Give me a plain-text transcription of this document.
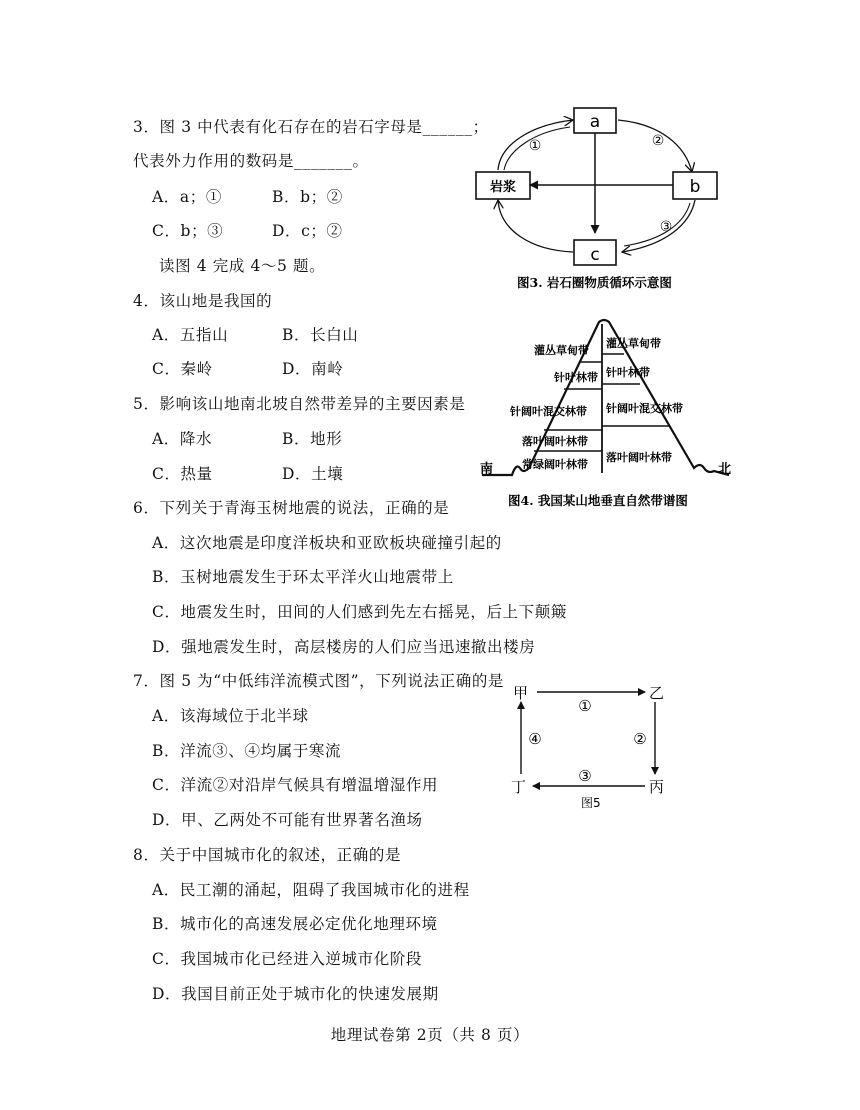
3．图 3 中代表有化石存在的岩石字母是______；
代表外力作用的数码是_______。
A．a；①	B．b；②
C．b；③	D．c；②
读图 4 完成 4～5 题。
4．该山地是我国的
A．五指山	B．长白山
C．秦岭	D．南岭
5．影响该山地南北坡自然带差异的主要因素是
A．降水	B．地形
C．热量	D．土壤
6．下列关于青海玉树地震的说法，正确的是
A．这次地震是印度洋板块和亚欧板块碰撞引起的
B．玉树地震发生于环太平洋火山地震带上
C．地震发生时，田间的人们感到先左右摇晃，后上下颠簸
D．强地震发生时，高层楼房的人们应当迅速撤出楼房
7．图 5 为“中低纬洋流模式图”，下列说法正确的是
A．该海域位于北半球
B．洋流③、④均属于寒流
C．洋流②对沿岸气候具有增温增湿作用
D．甲、乙两处不可能有世界著名渔场
8．关于中国城市化的叙述，正确的是
A．民工潮的涌起，阻碍了我国城市化的进程
B．城市化的高速发展必定优化地理环境
C．我国城市化已经进入逆城市化阶段
D．我国目前正处于城市化的快速发展期
a
岩浆	b
c
①	②
③
图3. 岩石圈物质循环示意图
灌丛草甸带
针叶林带
针阔叶混交林带
落叶阔叶林带
常绿阔叶林带
灌丛草甸带
针叶林带
针阔叶混交林带
落叶阔叶林带
南	北
图4. 我国某山地垂直自然带谱图
甲	乙
丙
丁
①
②
③
④
图5
地理试卷第 2页（共 8 页）
